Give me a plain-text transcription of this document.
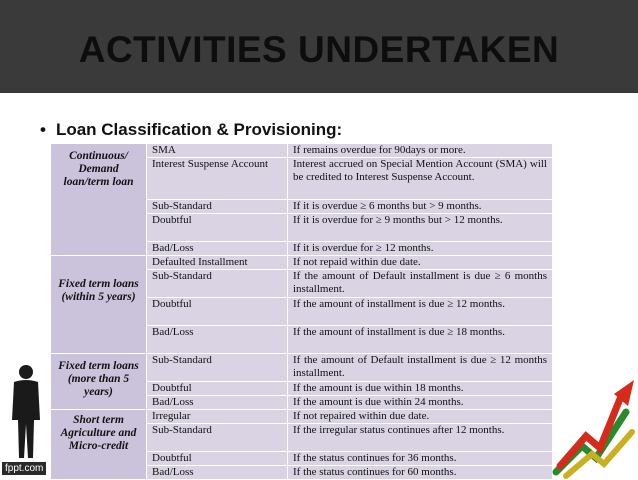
ACTIVITIES UNDERTAKEN
• Loan Classification & Provisioning:
Continuous/ Demand loan/term loan	SMA	If remains overdue for 90days or more.
	Interest Suspense Account	Interest accrued on Special Mention Account (SMA) will be credited to Interest Suspense Account.
	Sub-Standard	If it is overdue ≥ 6 months but > 9 months.
	Doubtful	If it is overdue for ≥ 9 months but > 12 months.
	Bad/Loss	If it is overdue for ≥ 12 months.
Fixed term loans (within 5 years)	Defaulted Installment	If not repaid within due date.
	Sub-Standard	If the amount of Default installment is due ≥ 6 months installment.
	Doubtful	If the amount of installment is due ≥ 12 months.
	Bad/Loss	If the amount of installment is due ≥ 18 months.
Fixed term loans (more than 5 years)	Sub-Standard	If the amount of Default installment is due ≥ 12 months installment.
	Doubtful	If the amount is due within 18 months.
	Bad/Loss	If the amount is due within 24 months.
Short term Agriculture and Micro-credit	Irregular	If not repaired within due date.
	Sub-Standard	If the irregular status continues after 12 months.
	Doubtful	If the status continues for 36 months.
	Bad/Loss	If the status continues for 60 months.
fppt.com
